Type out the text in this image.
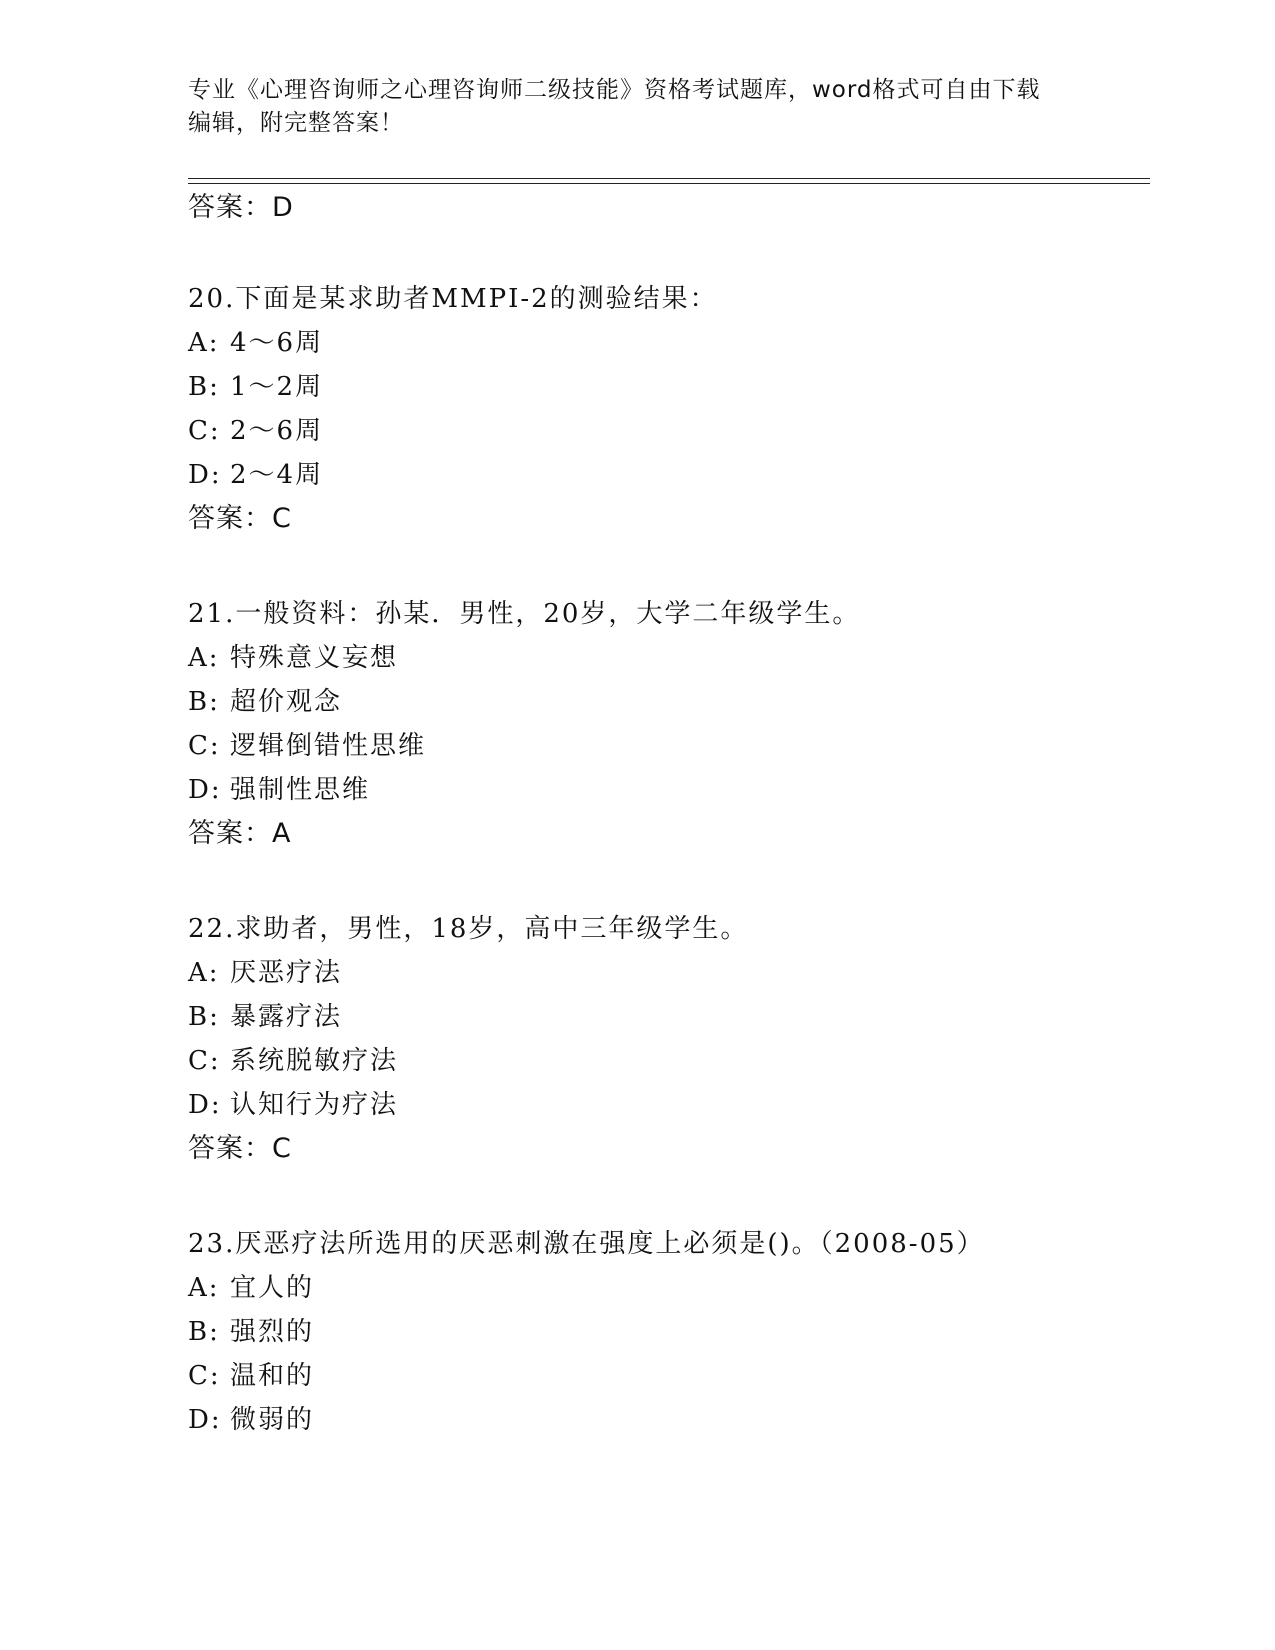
专业《心理咨询师之心理咨询师二级技能》资格考试题库，word格式可自由下载
编辑，附完整答案！
答案：D
20.下面是某求助者MMPI-2的测验结果：
A: 4～6周
B: 1～2周
C: 2～6周
D: 2～4周
答案：C
21.一般资料：孙某．男性，20岁，大学二年级学生。
A: 特殊意义妄想
B: 超价观念
C: 逻辑倒错性思维
D: 强制性思维
答案：A
22.求助者，男性，18岁，高中三年级学生。
A: 厌恶疗法
B: 暴露疗法
C: 系统脱敏疗法
D: 认知行为疗法
答案：C
23.厌恶疗法所选用的厌恶刺激在强度上必须是()。（2008-05）
A: 宜人的
B: 强烈的
C: 温和的
D: 微弱的
